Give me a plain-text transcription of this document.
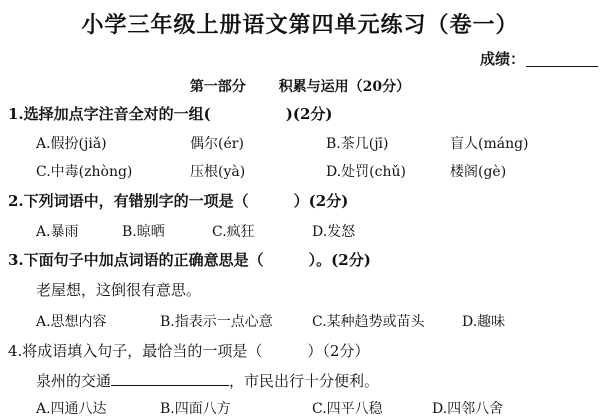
小学三年级上册语文第四单元练习（卷一）
成绩：
第一部分 积累与运用（20分）
1.选择加点字注音全对的一组(　　　　　)(2分)
A.假扮(jiǎ)	偶尔(ér)	B.茶几(jī)	盲人(máng)
C.中毒(zhòng)	压根(yà)	D.处罚(chǔ)	楼阁(gè)
2.下列词语中，有错别字的一项是（　　　）(2分)
A.暴雨	B.晾晒	C.疯狂	D.发怒
3.下面句子中加点词语的正确意思是（　　　）。(2分)
老屋想，这倒很有意思。
A.思想内容	B.指表示一点心意	C.某种趋势或苗头	D.趣味
4.将成语填入句子，最恰当的一项是（　　　）（2分）
泉州的交通	，市民出行十分便利。
A.四通八达	B.四面八方	C.四平八稳	D.四邻八舍
